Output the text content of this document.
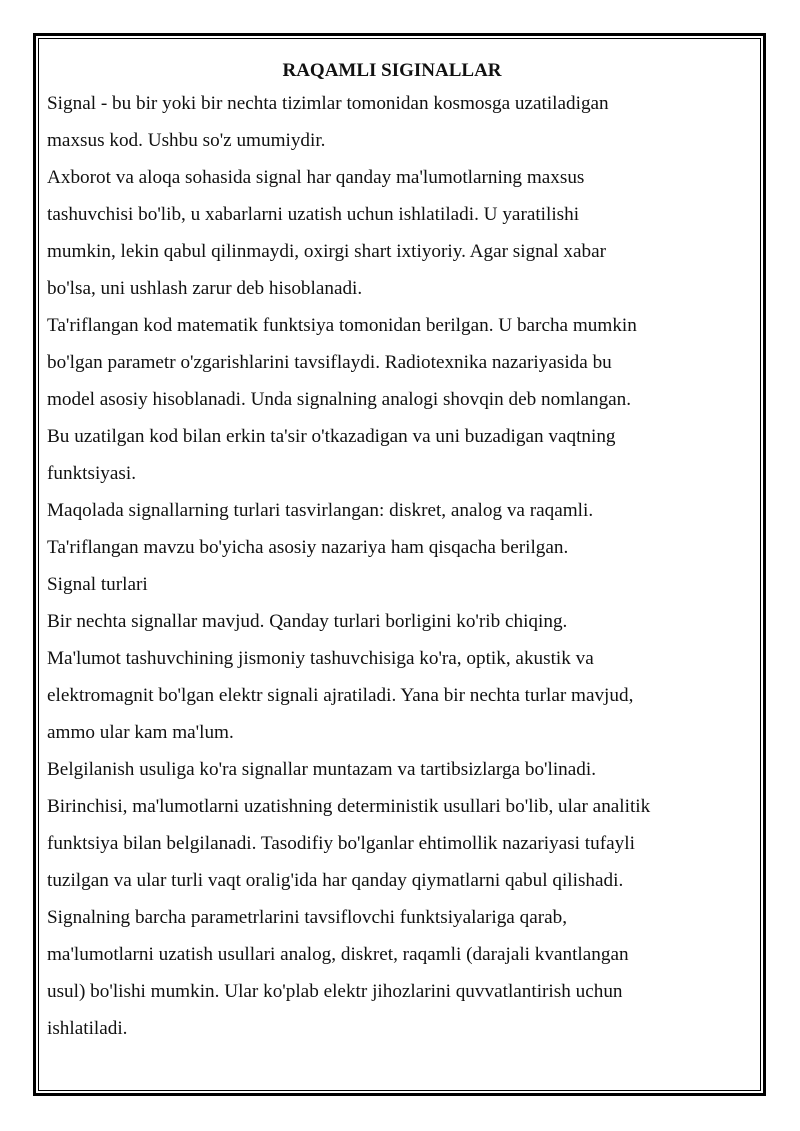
RAQAMLI SIGINALLAR

Signal - bu bir yoki bir nechta tizimlar tomonidan kosmosga uzatiladigan

maxsus kod. Ushbu so'z umumiydir.

Axborot va aloqa sohasida signal har qanday ma'lumotlarning maxsus

tashuvchisi bo'lib, u xabarlarni uzatish uchun ishlatiladi. U yaratilishi

mumkin, lekin qabul qilinmaydi, oxirgi shart ixtiyoriy. Agar signal xabar

bo'lsa, uni ushlash zarur deb hisoblanadi.

Ta'riflangan kod matematik funktsiya tomonidan berilgan. U barcha mumkin

bo'lgan parametr o'zgarishlarini tavsiflaydi. Radiotexnika nazariyasida bu

model asosiy hisoblanadi. Unda signalning analogi shovqin deb nomlangan.

Bu uzatilgan kod bilan erkin ta'sir o'tkazadigan va uni buzadigan vaqtning

funktsiyasi.

Maqolada signallarning turlari tasvirlangan: diskret, analog va raqamli.

Ta'riflangan mavzu bo'yicha asosiy nazariya ham qisqacha berilgan.

Signal turlari

Bir nechta signallar mavjud. Qanday turlari borligini ko'rib chiqing.

Ma'lumot tashuvchining jismoniy tashuvchisiga ko'ra, optik, akustik va

elektromagnit bo'lgan elektr signali ajratiladi. Yana bir nechta turlar mavjud,

ammo ular kam ma'lum.

Belgilanish usuliga ko'ra signallar muntazam va tartibsizlarga bo'linadi.

Birinchisi, ma'lumotlarni uzatishning deterministik usullari bo'lib, ular analitik

funktsiya bilan belgilanadi. Tasodifiy bo'lganlar ehtimollik nazariyasi tufayli

tuzilgan va ular turli vaqt oralig'ida har qanday qiymatlarni qabul qilishadi.

Signalning barcha parametrlarini tavsiflovchi funktsiyalariga qarab,

ma'lumotlarni uzatish usullari analog, diskret, raqamli (darajali kvantlangan

usul) bo'lishi mumkin. Ular ko'plab elektr jihozlarini quvvatlantirish uchun

ishlatiladi.
